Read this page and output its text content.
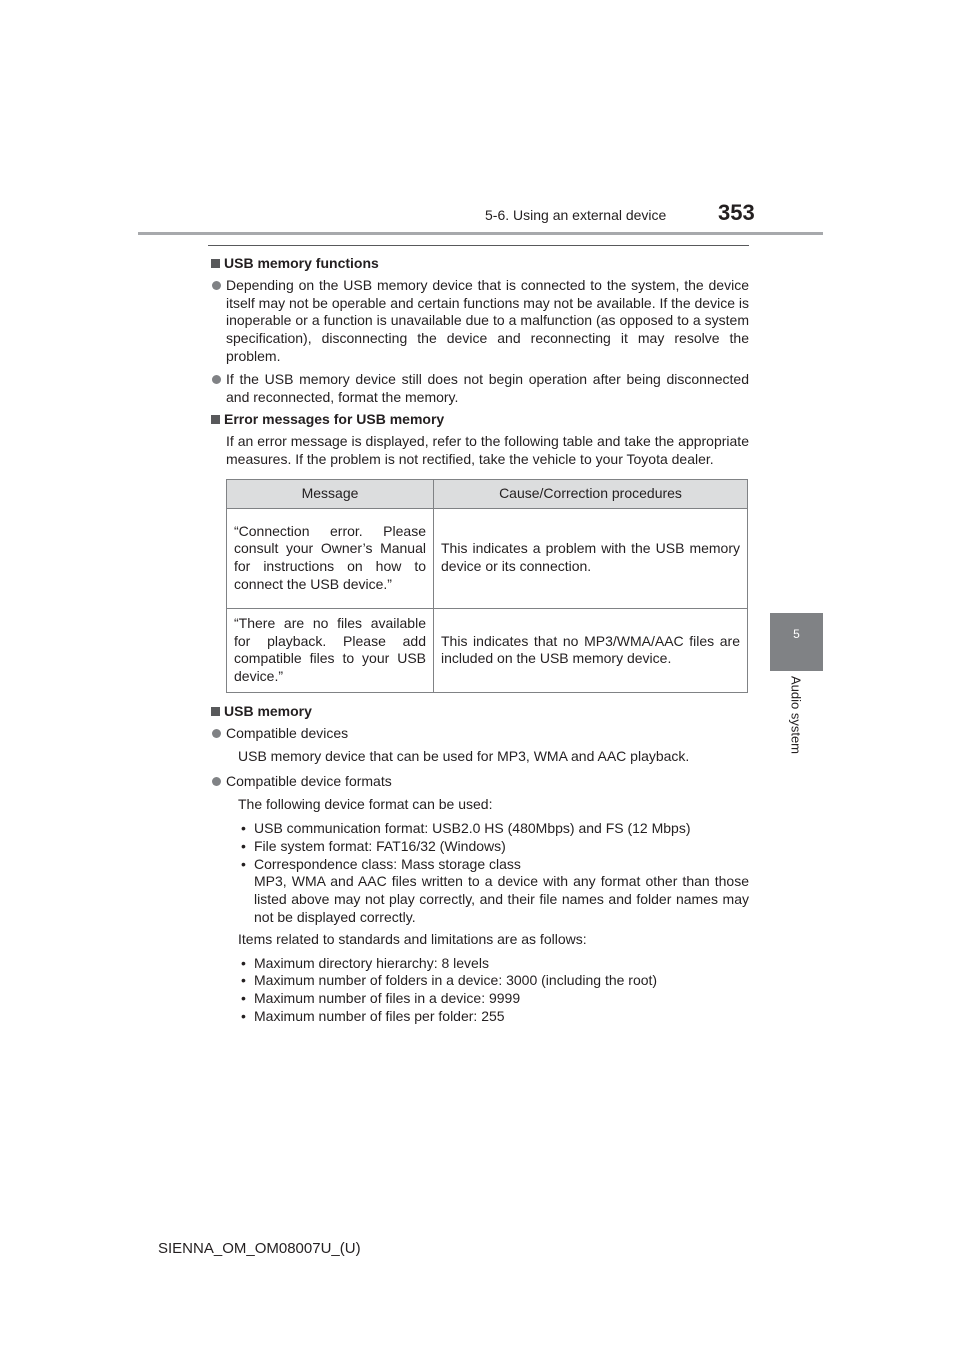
5-6. Using an external device 353
5
Audio system
USB memory functions
Depending on the USB memory device that is connected to the system, the device itself may not be operable and certain functions may not be available. If the device is inoperable or a function is unavailable due to a malfunction (as opposed to a system specification), disconnecting the device and reconnecting it may resolve the problem.
If the USB memory device still does not begin operation after being disconnected and reconnected, format the memory.
Error messages for USB memory
If an error message is displayed, refer to the following table and take the appropriate measures. If the problem is not rectified, take the vehicle to your Toyota dealer.
Message	Cause/Correction procedures
“Connection error. Please consult your Owner’s Manual for instructions on how to connect the USB device.”	This indicates a problem with the USB memory device or its connection.
“There are no files available for playback. Please add compatible files to your USB device.”	This indicates that no MP3/WMA/AAC files are included on the USB memory device.
USB memory
Compatible devices
USB memory device that can be used for MP3, WMA and AAC playback.
Compatible device formats
The following device format can be used:
• USB communication format: USB2.0 HS (480Mbps) and FS (12 Mbps)
• File system format: FAT16/32 (Windows)
• Correspondence class: Mass storage class
MP3, WMA and AAC files written to a device with any format other than those listed above may not play correctly, and their file names and folder names may not be displayed correctly.
Items related to standards and limitations are as follows:
• Maximum directory hierarchy: 8 levels
• Maximum number of folders in a device: 3000 (including the root)
• Maximum number of files in a device: 9999
• Maximum number of files per folder: 255
SIENNA_OM_OM08007U_(U)
